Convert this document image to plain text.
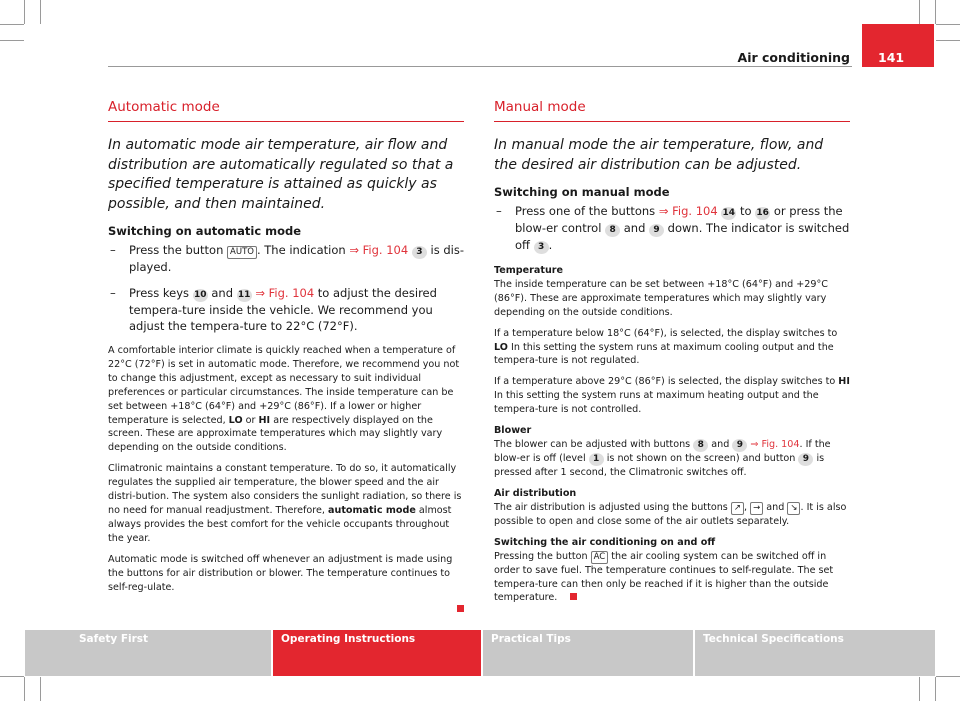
Air conditioning 141
Automatic mode
In automatic mode air temperature, air flow and distribution are automatically regulated so that a specified temperature is attained as quickly as possible, and then maintained.
Switching on automatic mode
– Press the button AUTO . The indication ⇒ Fig. 104 3 is dis-played.
– Press keys 10 and 11 ⇒ Fig. 104 to adjust the desired tempera-ture inside the vehicle. We recommend you adjust the tempera-ture to 22°C (72°F).
A comfortable interior climate is quickly reached when a temperature of 22°C (72°F) is set in automatic mode. Therefore, we recommend you not to change this adjustment, except as necessary to suit individual preferences or particular circumstances. The inside temperature can be set between +18°C (64°F) and +29°C (86°F). If a lower or higher temperature is selected, LO or HI are respectively displayed on the screen. These are approximate temperatures which may slightly vary depending on the outside conditions.
Climatronic maintains a constant temperature. To do so, it automatically regulates the supplied air temperature, the blower speed and the air distri-bution. The system also considers the sunlight radiation, so there is no need for manual readjustment. Therefore, automatic mode almost always provides the best comfort for the vehicle occupants throughout the year.
Automatic mode is switched off whenever an adjustment is made using the buttons for air distribution or blower. The temperature continues to self-reg-ulate.
Manual mode
In manual mode the air temperature, flow, and the desired air distribution can be adjusted.
Switching on manual mode
– Press one of the buttons ⇒ Fig. 104 14 to 16 or press the blow-er control 8 and 9 down. The indicator is switched off 3 .
Temperature
The inside temperature can be set between +18°C (64°F) and +29°C (86°F). These are approximate temperatures which may slightly vary depending on the outside conditions.
If a temperature below 18°C (64°F), is selected, the display switches to LO In this setting the system runs at maximum cooling output and the tempera-ture is not regulated.
If a temperature above 29°C (86°F) is selected, the display switches to HI In this setting the system runs at maximum heating output and the tempera-ture is not controlled.
Blower
The blower can be adjusted with buttons 8 and 9 ⇒ Fig. 104. If the blow-er is off (level 1 is not shown on the screen) and button 9 is pressed after 1 second, the Climatronic switches off.
Air distribution
The air distribution is adjusted using the buttons ↗ , → and ↘ . It is also possible to open and close some of the air outlets separately.
Switching the air conditioning on and off
Pressing the button AC the air cooling system can be switched off in order to save fuel. The temperature continues to self-regulate. The set tempera-ture can then only be reached if it is higher than the outside temperature.
Safety First	Operating Instructions	Practical Tips	Technical Specifications
